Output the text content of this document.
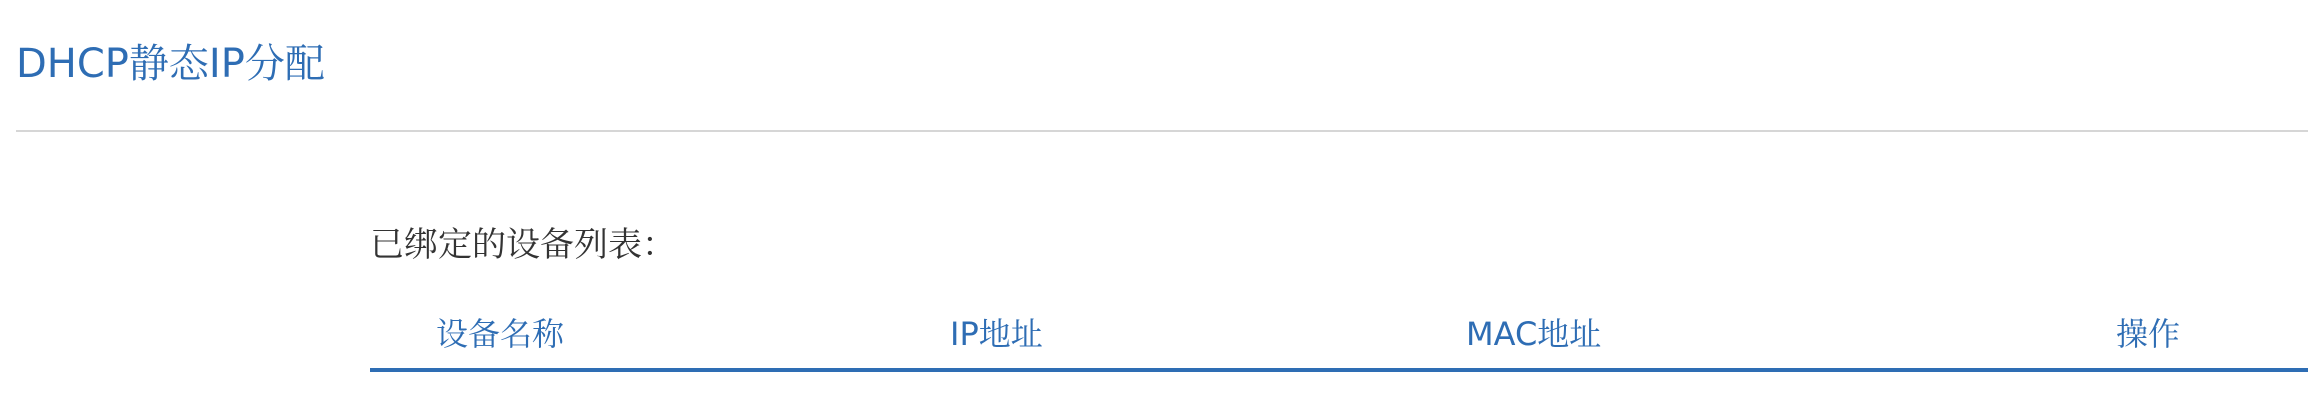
DHCP静态IP分配
已绑定的设备列表：
设备名称	IP地址	MAC地址	操作
